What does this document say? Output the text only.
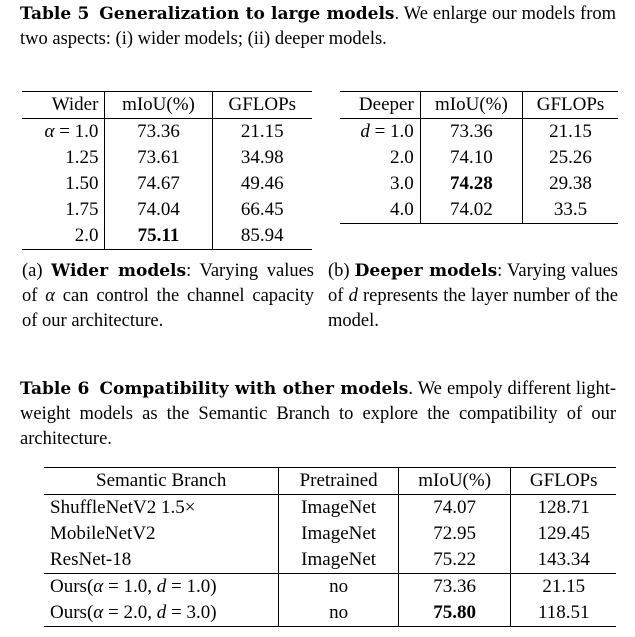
Table 5 Generalization to large models. We enlarge our models from two aspects: (i) wider models; (ii) deeper models.
Wider	mIoU(%)	GFLOPs
α = 1.0	73.36	21.15
1.25	73.61	34.98
1.50	74.67	49.46
1.75	74.04	66.45
2.0	75.11	85.94
Deeper	mIoU(%)	GFLOPs
d = 1.0	73.36	21.15
2.0	74.10	25.26
3.0	74.28	29.38
4.0	74.02	33.5
(a) Wider models: Varying values of α can control the channel capacity of our architecture.
(b) Deeper models: Varying values of d represents the layer number of the model.
Table 6 Compatibility with other models. We empoly different light-weight models as the Semantic Branch to explore the compatibility of our architecture.
Semantic Branch	Pretrained	mIoU(%)	GFLOPs
ShuffleNetV2 1.5×	ImageNet	74.07	128.71
MobileNetV2	ImageNet	72.95	129.45
ResNet-18	ImageNet	75.22	143.34
Ours(α = 1.0, d = 1.0)	no	73.36	21.15
Ours(α = 2.0, d = 3.0)	no	75.80	118.51
